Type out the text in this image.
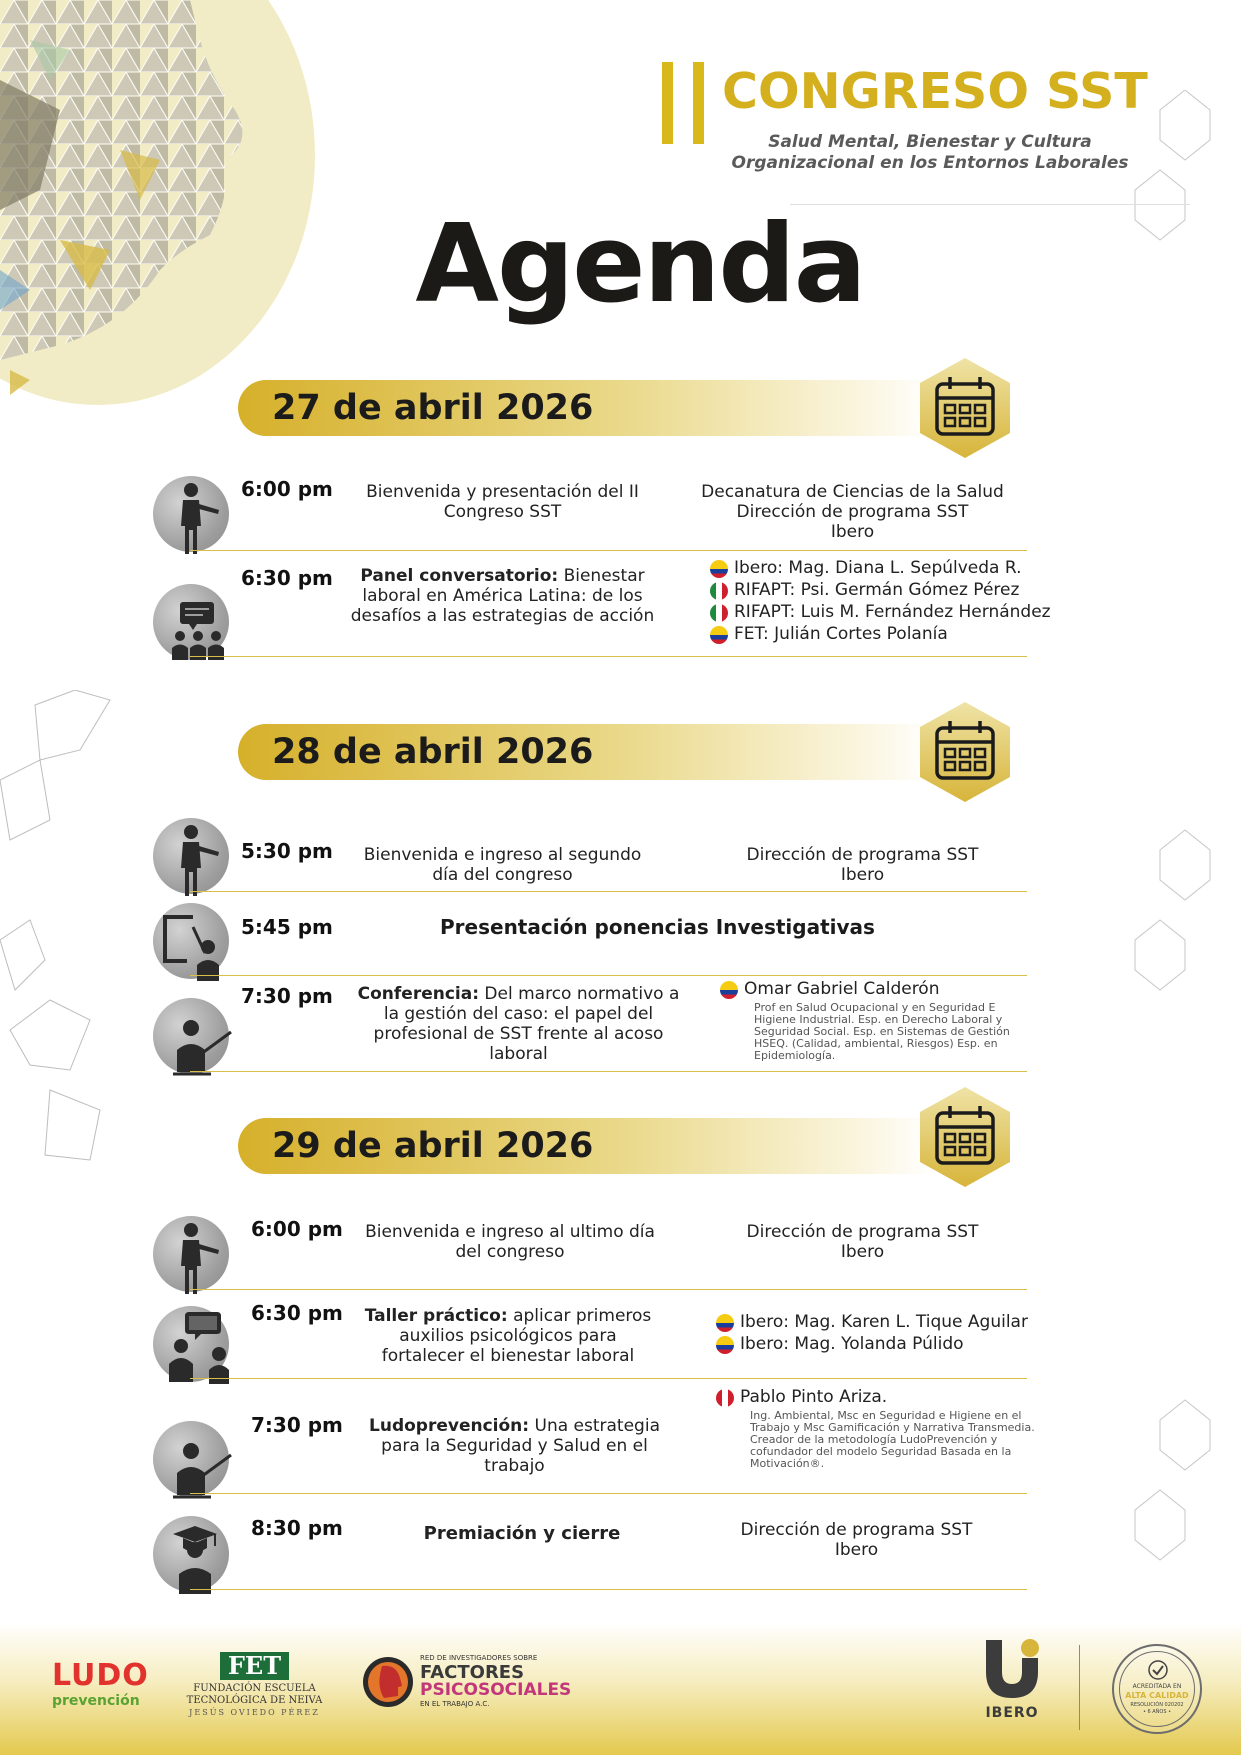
CONGRESO SST
Salud Mental, Bienestar y Cultura
Organizacional en los Entornos Laborales
Agenda
27 de abril 2026
6:00 pm	Bienvenida y presentación del II Congreso SST
Decanatura de Ciencias de la Salud
Dirección de programa SST
Ibero
6:30 pm	Panel conversatorio: Bienestar laboral en América Latina: de los desafíos a las estrategias de acción
Ibero: Mag. Diana L. Sepúlveda R.
RIFAPT: Psi. Germán Gómez Pérez
RIFAPT: Luis M. Fernández Hernández
FET: Julián Cortes Polanía
28 de abril 2026
5:30 pm	Bienvenida e ingreso al segundo día del congreso
Dirección de programa SST
Ibero
5:45 pm	Presentación ponencias Investigativas
7:30 pm Conferencia: Del marco normativo a la gestión del caso: el papel del profesional de SST frente al acoso laboral
Omar Gabriel Calderón
Prof en Salud Ocupacional y en Seguridad E Higiene Industrial. Esp. en Derecho Laboral y Seguridad Social. Esp. en Sistemas de Gestión HSEQ. (Calidad, ambiental, Riesgos) Esp. en Epidemiología.
29 de abril 2026
6:00 pm Bienvenida e ingreso al ultimo día del congreso
Dirección de programa SST
Ibero
6:30 pm	Taller práctico: aplicar primeros auxilios psicológicos para fortalecer el bienestar laboral
Ibero: Mag. Karen L. Tique Aguilar
Ibero: Mag. Yolanda Púlido
7:30 pm	Ludoprevención: Una estrategia para la Seguridad y Salud en el trabajo
Pablo Pinto Ariza.
Ing. Ambiental, Msc en Seguridad e Higiene en el Trabajo y Msc Gamificación y Narrativa Transmedia. Creador de la metodología LudoPrevención y cofundador del modelo Seguridad Basada en la Motivación®.
8:30 pm	Premiación y cierre	Dirección de programa SST
Ibero
LUDO
prevención
FET
FUNDACIÓN ESCUELA
TECNOLÓGICA DE NEIVA
JESÚS OVIEDO PÉREZ
RED DE INVESTIGADORES SOBRE
FACTORES
PSICOSOCIALES
EN EL TRABAJO A.C.
IBERO
ACREDITADA EN
ALTA CALIDAD
RESOLUCIÓN 020202
• 6 AÑOS •
